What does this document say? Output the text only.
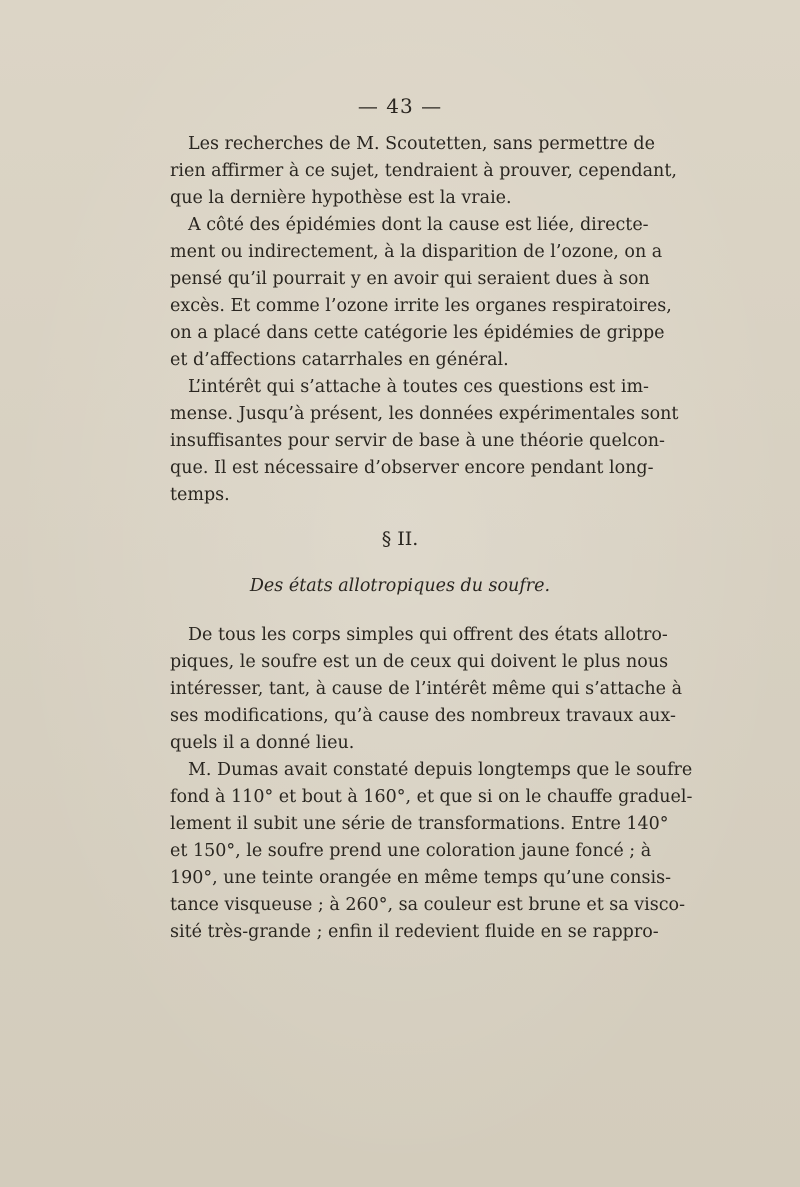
— 43 —
Les recherches de M. Scoutetten, sans permettre de
rien affirmer à ce sujet, tendraient à prouver, cependant,
que la dernière hypothèse est la vraie.
A côté des épidémies dont la cause est liée, directe-
ment ou indirectement, à la disparition de l’ozone, on a
pensé qu’il pourrait y en avoir qui seraient dues à son
excès. Et comme l’ozone irrite les organes respiratoires,
on a placé dans cette catégorie les épidémies de grippe
et d’affections catarrhales en général.
L’intérêt qui s’attache à toutes ces questions est im-
mense. Jusqu’à présent, les données expérimentales sont
insuffisantes pour servir de base à une théorie quelcon-
que. Il est nécessaire d’observer encore pendant long-
temps.
§ II.
Des états allotropiques du soufre.
De tous les corps simples qui offrent des états allotro-
piques, le soufre est un de ceux qui doivent le plus nous
intéresser, tant, à cause de l’intérêt même qui s’attache à
ses modifications, qu’à cause des nombreux travaux aux-
quels il a donné lieu.
M. Dumas avait constaté depuis longtemps que le soufre
fond à 110° et bout à 160°, et que si on le chauffe graduel-
lement il subit une série de transformations. Entre 140°
et 150°, le soufre prend une coloration jaune foncé ; à
190°, une teinte orangée en même temps qu’une consis-
tance visqueuse ; à 260°, sa couleur est brune et sa visco-
sité très-grande ; enfin il redevient fluide en se rappro-
